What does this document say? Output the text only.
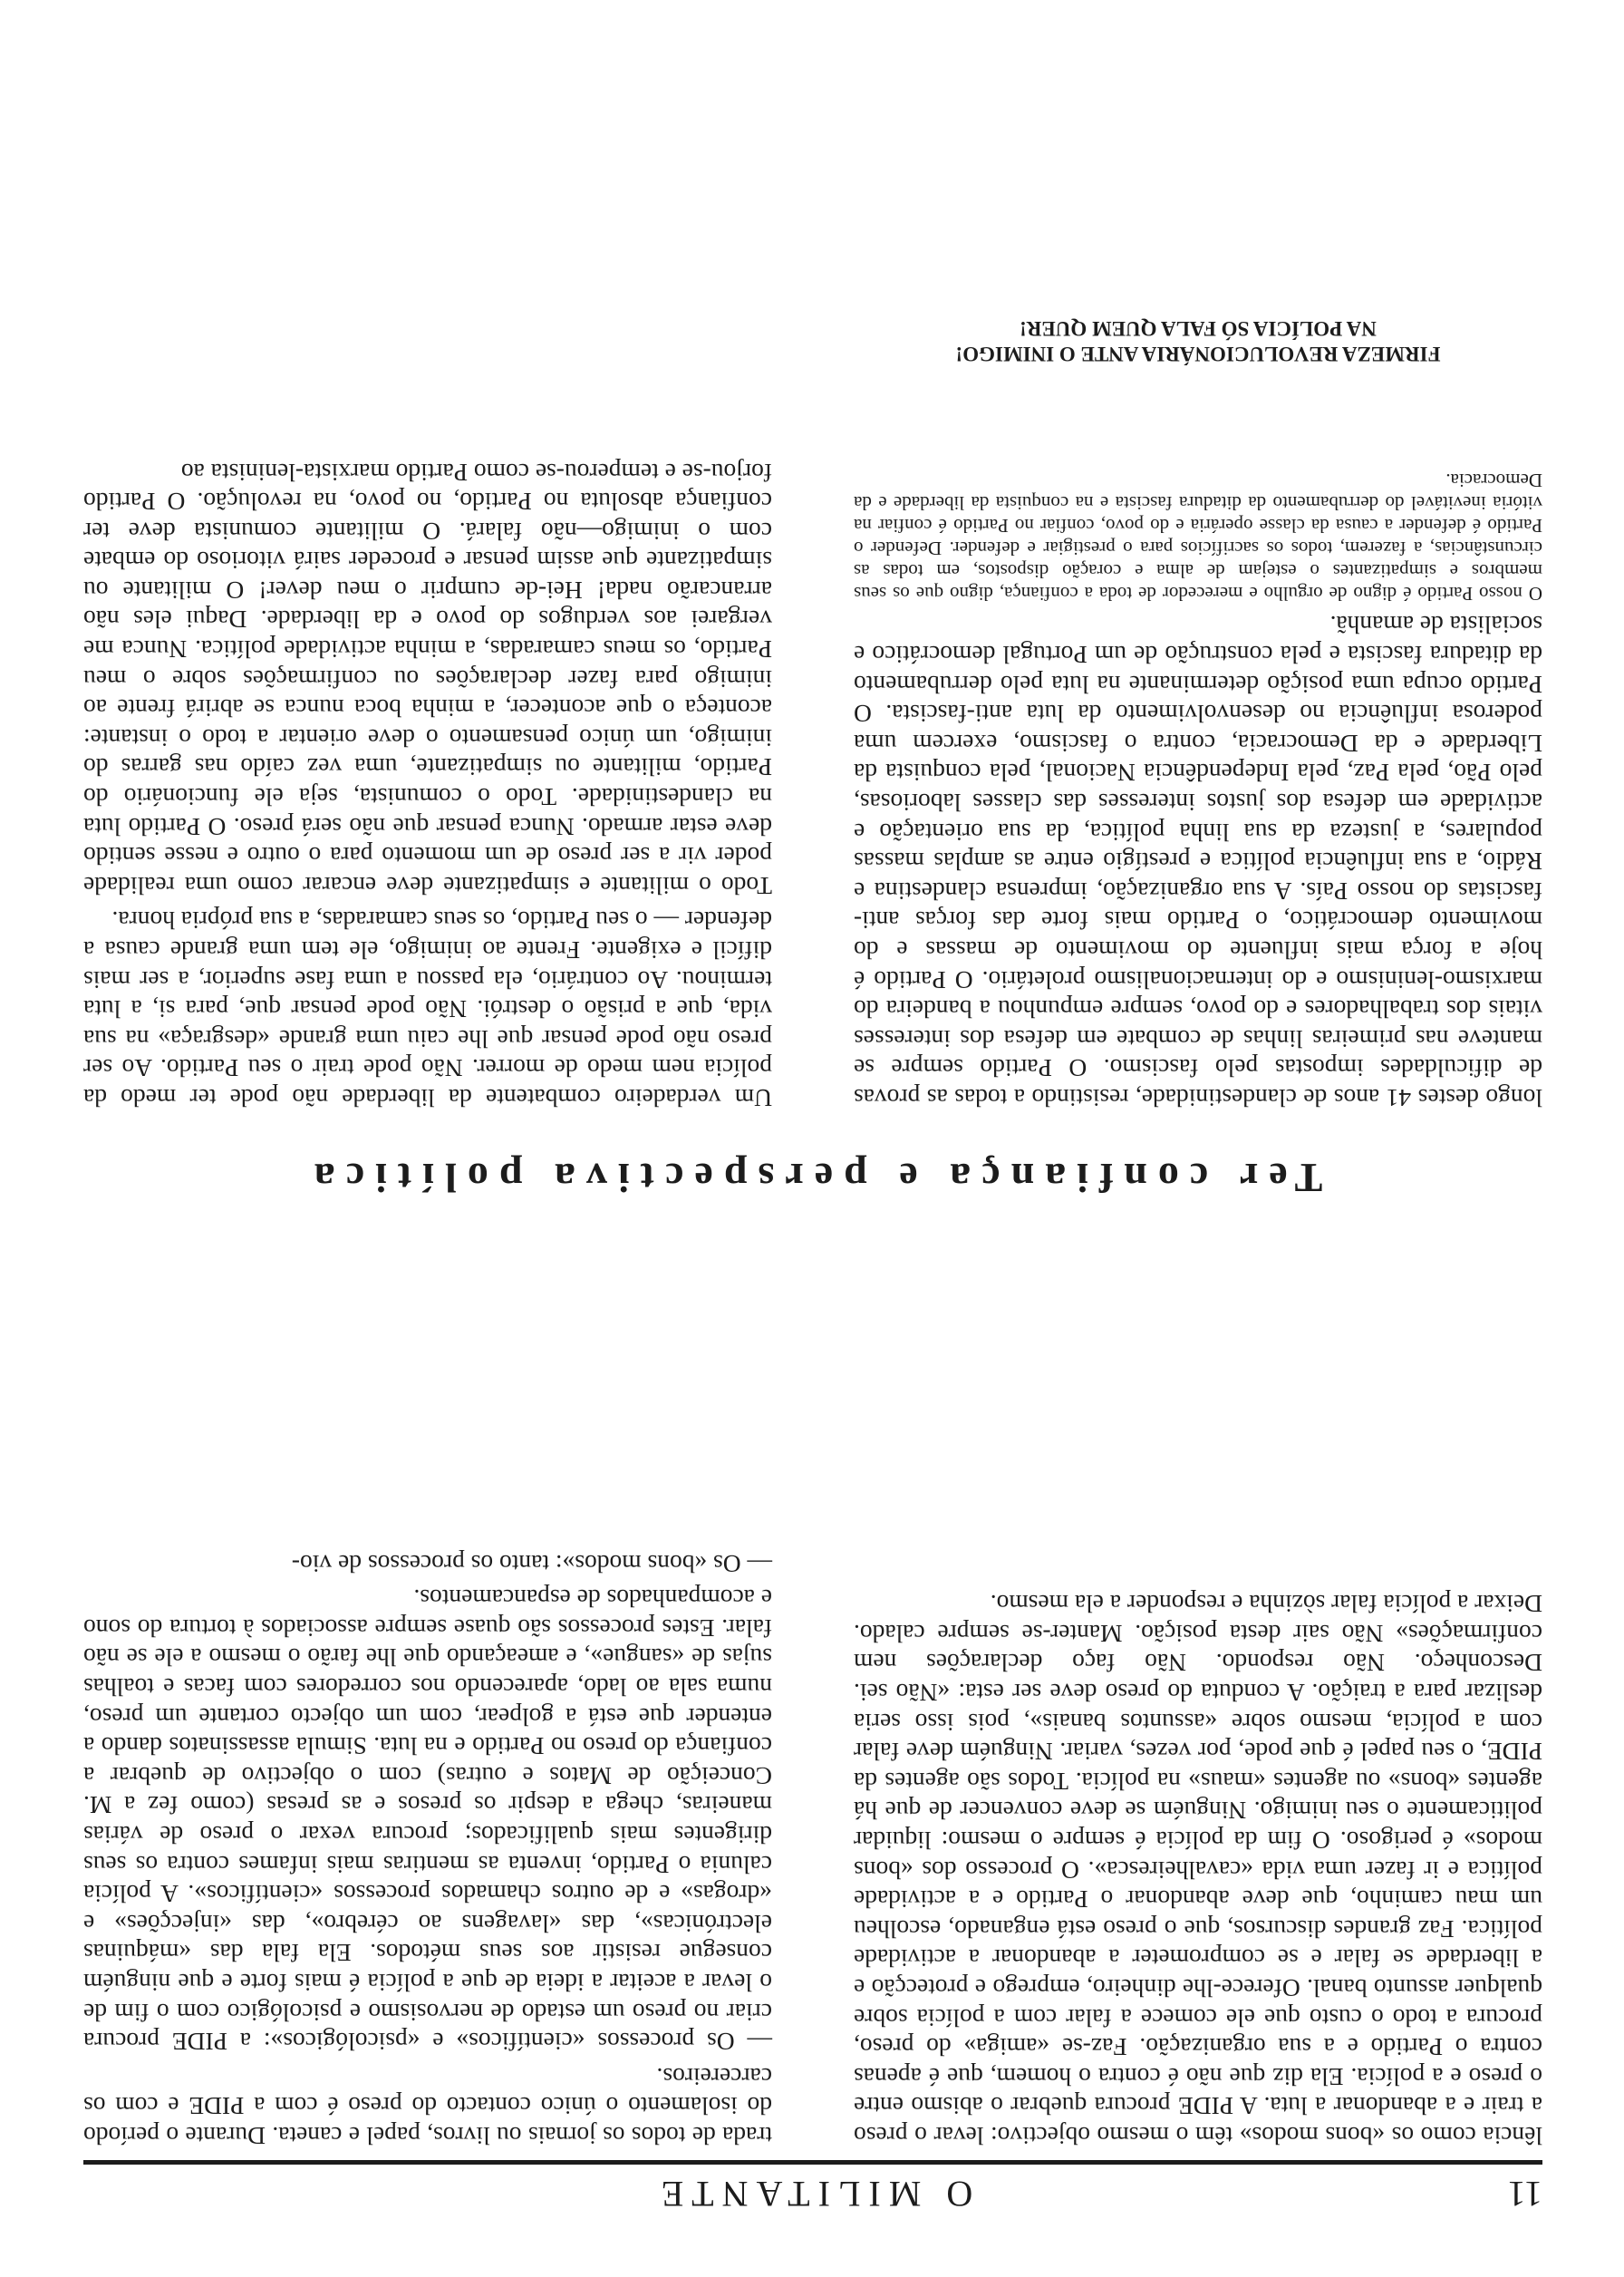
11
O MILITANTE

lência como os «bons modos» têm o mesmo objectivo: levar o preso a trair e a abandonar a luta. A PIDE procura quebrar o abismo entre o preso e a polícia. Ela diz que não é contra o homem, que é apenas contra o Partido e a sua organização. Faz-se «amiga» do preso, procura a todo o custo que ele comece a falar com a polícia sobre qualquer assunto banal. Oferece-lhe dinheiro, emprego e protecção e a liberdade se falar e se comprometer a abandonar a actividade política. Faz grandes discursos, que o preso está enganado, escolheu um mau caminho, que deve abandonar o Partido e a actividade política e ir fazer uma vida «cavalheiresca». O processo dos «bons modos» é perigoso. O fim da polícia é sempre o mesmo: liquidar politicamente o seu inimigo. Ninguém se deve convencer de que há agentes «bons» ou agentes «maus» na polícia. Todos são agentes da PIDE, o seu papel é que pode, por vezes, variar. Ninguém deve falar com a polícia, mesmo sobre «assuntos banais», pois isso seria deslizar para a traição. A conduta do preso deve ser esta: «Não sei. Desconheço. Não respondo. Não faço declarações nem confirmações» Não sair desta posição. Manter-se sempre calado. Deixar a polícia falar sòzinha e responder a ela mesmo.

trada de todos os jornais ou livros, papel e caneta. Durante o período do isolamento o único contacto do preso é com a PIDE e com os carcereiros.

— Os processos «científicos» e «psicológicos»: a PIDE procura criar no preso um estado de nervosismo e psicológico com o fim de o levar a aceitar a ideia de que a polícia é mais forte e que ninguém consegue resistir aos seus métodos. Ela fala das «máquinas electrónicas», das «lavagens ao cérebro», das «injecções» e «drogas» e de outros chamados processos «científicos». A polícia calunia o Partido, inventa as mentiras mais infames contra os seus dirigentes mais qualificados; procura vexar o preso de várias maneiras, chega a despir os presos e as presas (como fez a M. Conceição de Matos e outras) com o objectivo de quebrar a confiança do preso no Partido e na luta. Simula assassinatos dando a entender que está a golpear, com um objecto cortante um preso, numa sala ao lado, aparecendo nos corredores com facas e toalhas sujas de «sangue», e ameaçando que lhe farão o mesmo a ele se não falar. Estes processos são quase sempre associados à tortura do sono e acompanhados de espancamentos.

— Os «bons modos»: tanto os processos de vio-

Ter confiança e perspectiva política

longo destes 41 anos de clandestinidade, resistindo a todas as provas de dificuldades impostas pelo fascismo. O Partido sempre se manteve nas primeiras linhas de combate em defesa dos interesses vitais dos trabalhadores e do povo, sempre empunhou a bandeira do marxismo-leninismo e do internacionalismo proletário. O Partido é hoje a força mais influente do movimento de massas e do movimento democrático, o Partido mais forte das forças anti-fascistas do nosso País. A sua organização, imprensa clandestina e Rádio, a sua influência política e prestígio entre as amplas massas populares, a justeza da sua linha política, da sua orientação e actividade em defesa dos justos interesses das classes laboriosas, pelo Pão, pela Paz, pela Independência Nacional, pela conquista da Liberdade e da Democracia, contra o fascismo, exercem uma poderosa influência no desenvolvimento da luta anti-fascista. O Partido ocupa uma posição determinante na luta pelo derrubamento da ditadura fascista e pela construção de um Portugal democrático e socialista de amanhã.

O nosso Partido é digno de orgulho e merecedor de toda a confiança, digno que os seus membros e simpatizantes o estejam de alma e coração dispostos, em todas as circunstâncias, a fazerem, todos os sacrifícios para o prestigiar e defender. Defender o Partido é defender a causa da classe operária e do povo, confiar no Partido é confiar na vitória inevitável do derrubamento da ditadura fascista e na conquista da liberdade e da Democracia.

FIRMEZA REVOLUCIONÁRIA ANTE O INIMIGO!
NA POLÍCIA SÓ FALA QUEM QUER!

Um verdadeiro combatente da liberdade não pode ter medo da polícia nem medo de morrer. Não pode trair o seu Partido. Ao ser preso não pode pensar que lhe caiu uma grande «desgraça» na sua vida, que a prisão o destrói. Não pode pensar que, para si, a luta terminou. Ao contrário, ela passou a uma fase superior, a ser mais difícil e exigente. Frente ao inimigo, ele tem uma grande causa a defender — o seu Partido, os seus camaradas, a sua própria honra.

Todo o militante e simpatizante deve encarar como uma realidade poder vir a ser preso de um momento para o outro e nesse sentido deve estar armado. Nunca pensar que não será preso. O Partido luta na clandestinidade. Todo o comunista, seja ele funcionário do Partido, militante ou simpatizante, uma vez caído nas garras do inimigo, um único pensamento o deve orientar a todo o instante: aconteça o que acontecer, a minha boca nunca se abrirá frente ao inimigo para fazer declarações ou confirmações sobre o meu Partido, os meus camaradas, a minha actividade política. Nunca me vergarei aos verdugos do povo e da liberdade. Daqui eles não arrancarão nada! Hei-de cumprir o meu dever! O militante ou simpatizante que assim pensar e proceder sairá vitorioso do embate com o inimigo—não falará. O militante comunista deve ter confiança absoluta no Partido, no povo, na revolução. O Partido forjou-se e temperou-se como Partido marxista-leninista ao
